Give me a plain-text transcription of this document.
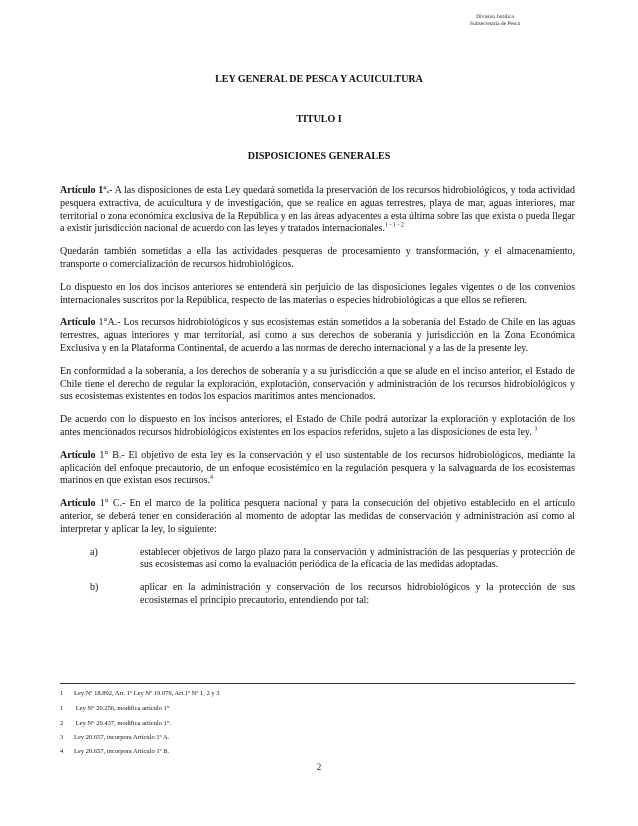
División Jurídica
Subsecretaría de Pesca
LEY GENERAL DE PESCA Y ACUICULTURA
TITULO I
DISPOSICIONES GENERALES

Artículo 1º.- A las disposiciones de esta Ley quedará sometida la preservación de los recursos hidrobiológicos, y toda actividad pesquera extractiva, de acuicultura y de investigación, que se realice en aguas terrestres, playa de mar, aguas interiores, mar territorial o zona económica exclusiva de la República y en las áreas adyacentes a esta última sobre las que exista o pueda llegar a existir jurisdicción nacional de acuerdo con las leyes y tratados internacionales.$^{1 - 1 - 2}$

Quedarán también sometidas a ella las actividades pesqueras de procesamiento y transformación, y el almacenamiento, transporte o comercialización de recursos hidrobiológicos.

Lo dispuesto en los dos incisos anteriores se entenderá sin perjuicio de las disposiciones legales vigentes o de los convenios internacionales suscritos por la República, respecto de las materias o especies hidrobiológicas a que ellos se refieren.

Artículo 1°A.- Los recursos hidrobiológicos y sus ecosistemas están sometidos a la soberanía del Estado de Chile en las aguas terrestres, aguas interiores y mar territorial, así como a sus derechos de soberanía y jurisdicción en la Zona Económica Exclusiva y en la Plataforma Continental, de acuerdo a las normas de derecho internacional y a las de la presente ley.

En conformidad a la soberanía, a los derechos de soberanía y a su jurisdicción a que se alude en el inciso anterior, el Estado de Chile tiene el derecho de regular la exploración, explotación, conservación y administración de los recursos hidrobiológicos y sus ecosistemas existentes en todos los espacios marítimos antes mencionados.

De acuerdo con lo dispuesto en los incisos anteriores, el Estado de Chile podrá autorizar la exploración y explotación de los antes mencionados recursos hidrobiológicos existentes en los espacios referidos, sujeto a las disposiciones de esta ley. $^3$

Artículo 1° B.- El objetivo de esta ley es la conservación y el uso sustentable de los recursos hidrobiológicos, mediante la aplicación del enfoque precautorio, de un enfoque ecosistémico en la regulación pesquera y la salvaguarda de los ecosistemas marinos en que existan esos recursos.$^4$

Artículo 1° C.- En el marco de la política pesquera nacional y para la consecución del objetivo establecido en el artículo anterior, se deberá tener en consideración al momento de adoptar las medidas de conservación y administración así como al interpretar y aplicar la ley, lo siguiente:

a)	establecer objetivos de largo plazo para la conservación y administración de las pesquerías y protección de sus ecosistemas así como la evaluación periódica de la eficacia de las medidas adoptadas.
b)	aplicar en la administración y conservación de los recursos hidrobiológicos y la protección de sus ecosistemas el principio precautorio, entendiendo por tal:
1 Ley Nº 18.892, Art. 1º Ley Nº 19.079, Art.1º Nº 1, 2 y 3
1 Ley N° 20.256, modifica artículo 1°
2 Ley N° 20.437, modifica artículo 1°.
3 Ley 20.657, incorpora Artículo 1º A.
4 Ley 20.657, incorpora Artículo 1º B.
2
